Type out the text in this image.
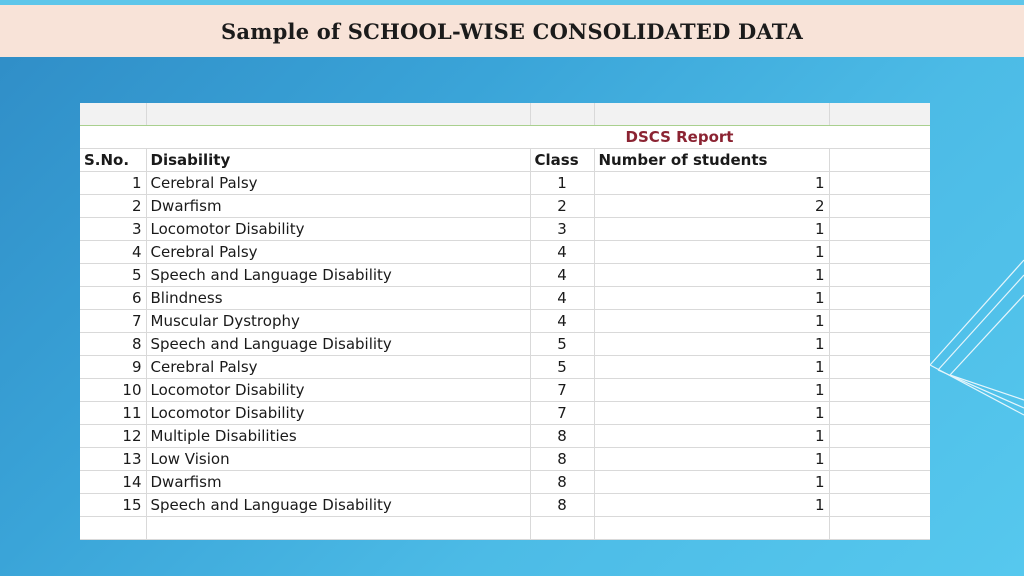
Sample of SCHOOL-WISE CONSOLIDATED DATA

		DSCS Report		
S.No.	Disability	Class	Number of students	
1	Cerebral Palsy	1	1	
2	Dwarfism	2	2	
3	Locomotor Disability	3	1	
4	Cerebral Palsy	4	1	
5	Speech and Language Disability	4	1	
6	Blindness	4	1	
7	Muscular Dystrophy	4	1	
8	Speech and Language Disability	5	1	
9	Cerebral Palsy	5	1	
10	Locomotor Disability	7	1	
11	Locomotor Disability	7	1	
12	Multiple Disabilities	8	1	
13	Low Vision	8	1	
14	Dwarfism	8	1	
15	Speech and Language Disability	8	1	
